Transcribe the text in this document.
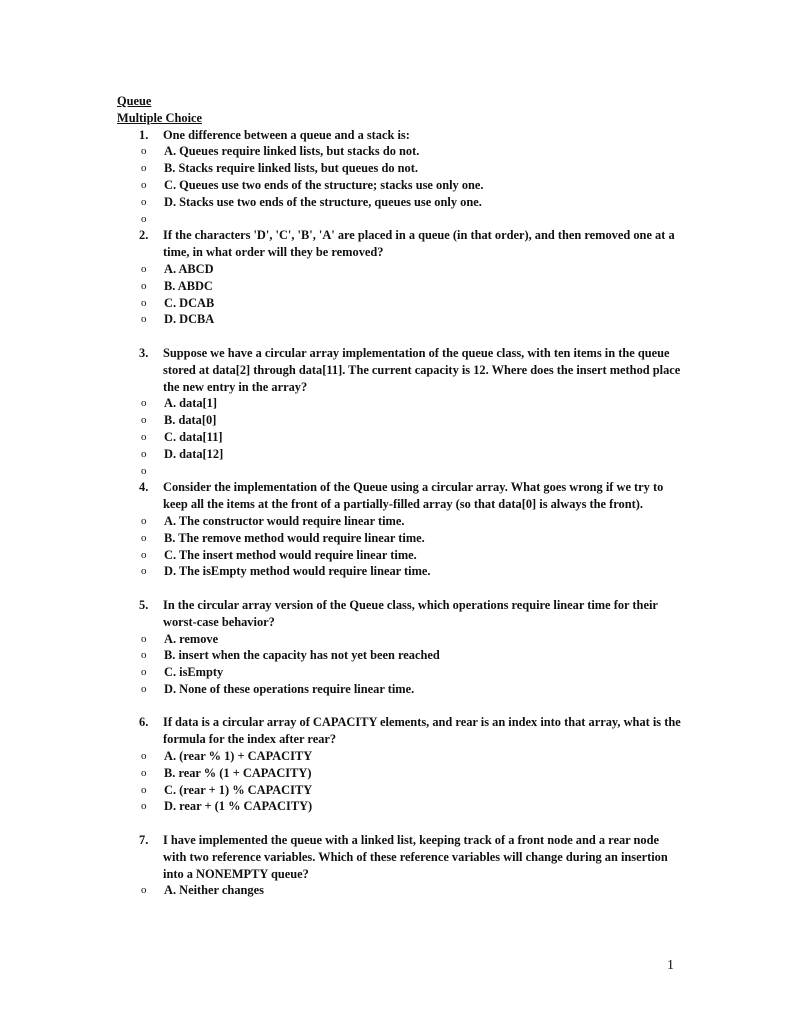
Queue
Multiple Choice
1. One difference between a queue and a stack is:
o A. Queues require linked lists, but stacks do not.
o B. Stacks require linked lists, but queues do not.
o C. Queues use two ends of the structure; stacks use only one.
o D. Stacks use two ends of the structure, queues use only one.
o
2. If the characters 'D', 'C', 'B', 'A' are placed in a queue (in that order), and then removed one at a time, in what order will they be removed?
o A. ABCD
o B. ABDC
o C. DCAB
o D. DCBA
3. Suppose we have a circular array implementation of the queue class, with ten items in the queue stored at data[2] through data[11]. The current capacity is 12. Where does the insert method place the new entry in the array?
o A. data[1]
o B. data[0]
o C. data[11]
o D. data[12]
o
4. Consider the implementation of the Queue using a circular array. What goes wrong if we try to keep all the items at the front of a partially-filled array (so that data[0] is always the front).
o A. The constructor would require linear time.
o B. The remove method would require linear time.
o C. The insert method would require linear time.
o D. The isEmpty method would require linear time.
5. In the circular array version of the Queue class, which operations require linear time for their worst-case behavior?
o A. remove
o B. insert when the capacity has not yet been reached
o C. isEmpty
o D. None of these operations require linear time.
6. If data is a circular array of CAPACITY elements, and rear is an index into that array, what is the formula for the index after rear?
o A. (rear % 1) + CAPACITY
o B. rear % (1 + CAPACITY)
o C. (rear + 1) % CAPACITY
o D. rear + (1 % CAPACITY)
7. I have implemented the queue with a linked list, keeping track of a front node and a rear node with two reference variables. Which of these reference variables will change during an insertion into a NONEMPTY queue?
o A. Neither changes
1
